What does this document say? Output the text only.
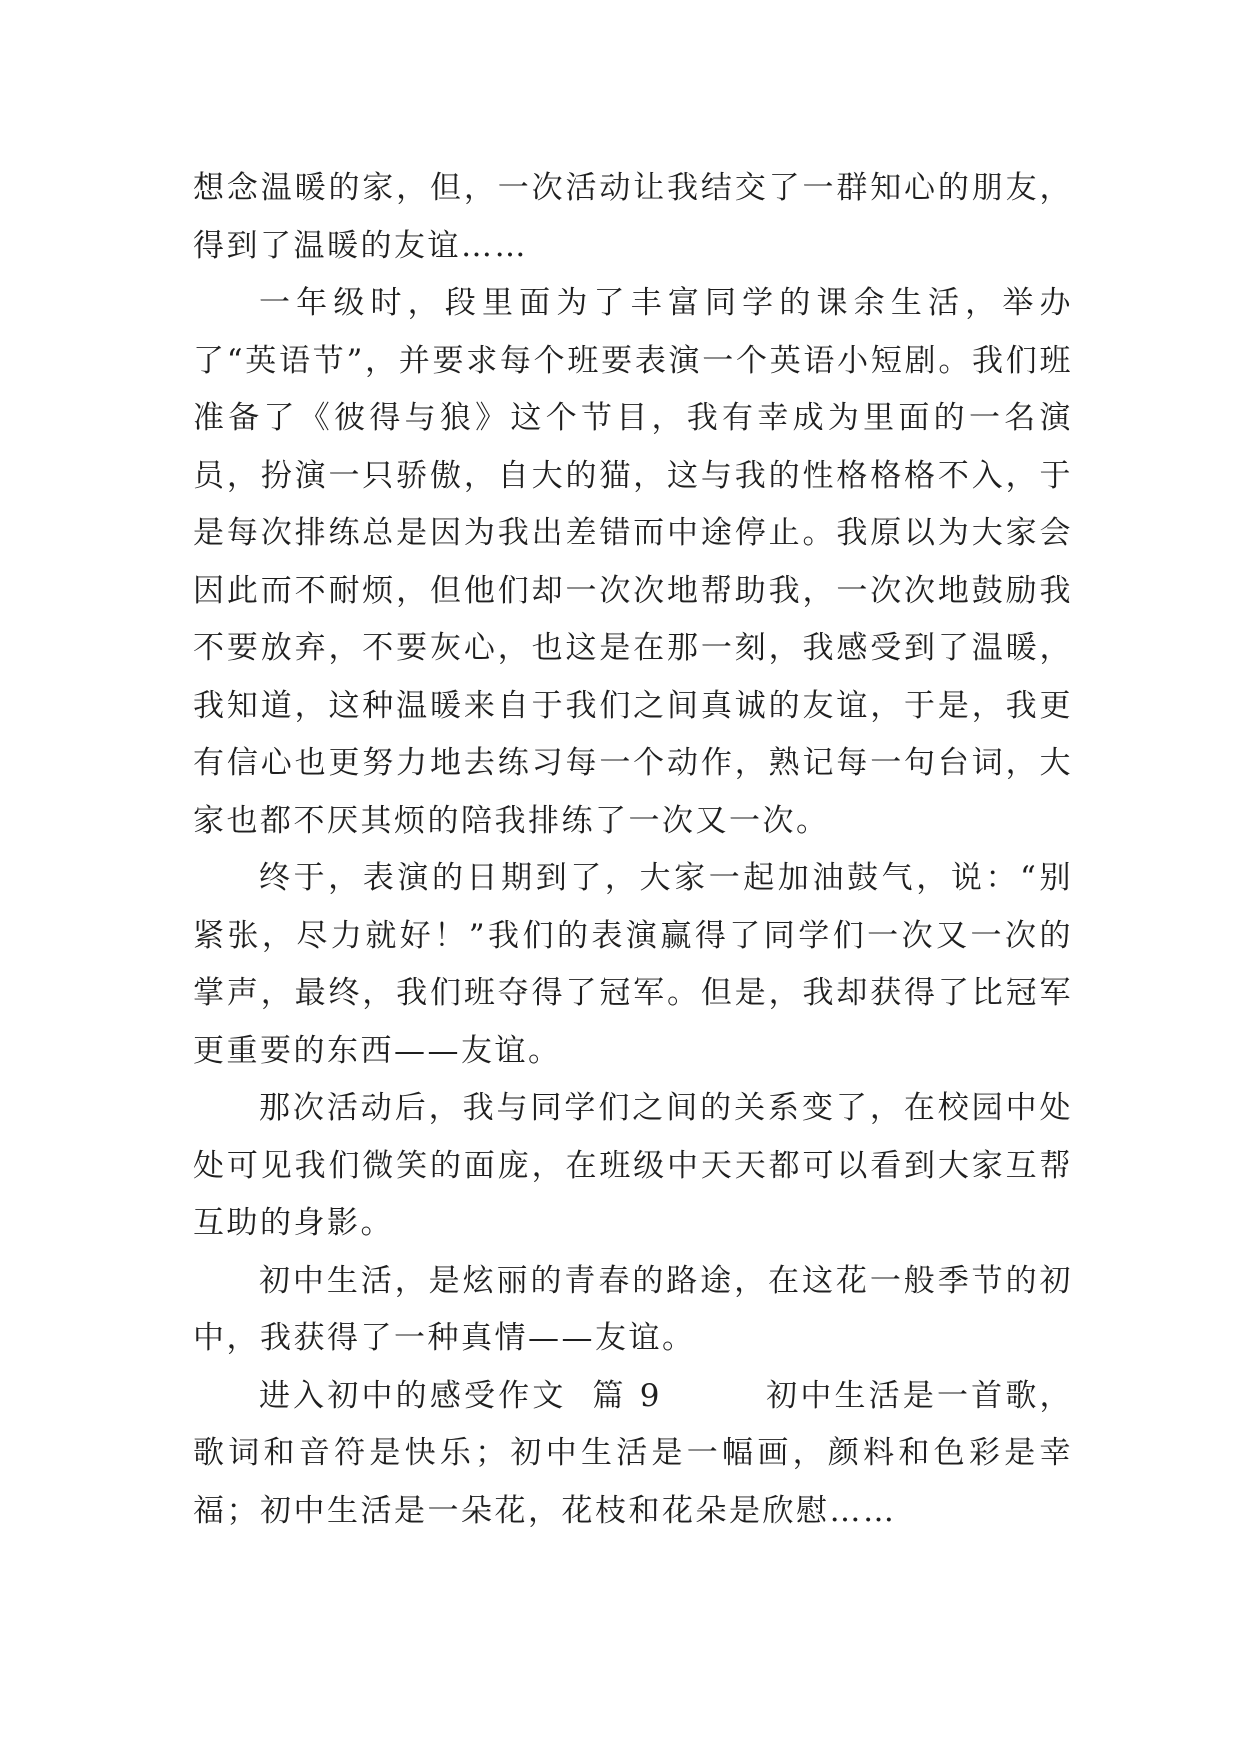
想念温暖的家，但，一次活动让我结交了一群知心的朋友，得到了温暖的友谊……

一年级时，段里面为了丰富同学的课余生活，举办了“英语节”，并要求每个班要表演一个英语小短剧。我们班准备了《彼得与狼》这个节目，我有幸成为里面的一名演员，扮演一只骄傲，自大的猫，这与我的性格格格不入，于是每次排练总是因为我出差错而中途停止。我原以为大家会因此而不耐烦，但他们却一次次地帮助我，一次次地鼓励我不要放弃，不要灰心，也这是在那一刻，我感受到了温暖，我知道，这种温暖来自于我们之间真诚的友谊，于是，我更有信心也更努力地去练习每一个动作，熟记每一句台词，大家也都不厌其烦的陪我排练了一次又一次。

终于，表演的日期到了，大家一起加油鼓气，说：“别紧张，尽力就好！”我们的表演赢得了同学们一次又一次的掌声，最终，我们班夺得了冠军。但是，我却获得了比冠军更重要的东西——友谊。

那次活动后，我与同学们之间的关系变了，在校园中处处可见我们微笑的面庞，在班级中天天都可以看到大家互帮互助的身影。

初中生活，是炫丽的青春的路途，在这花一般季节的初中，我获得了一种真情——友谊。

进入初中的感受作文  篇 9        初中生活是一首歌，歌词和音符是快乐；初中生活是一幅画，颜料和色彩是幸福；初中生活是一朵花，花枝和花朵是欣慰……
